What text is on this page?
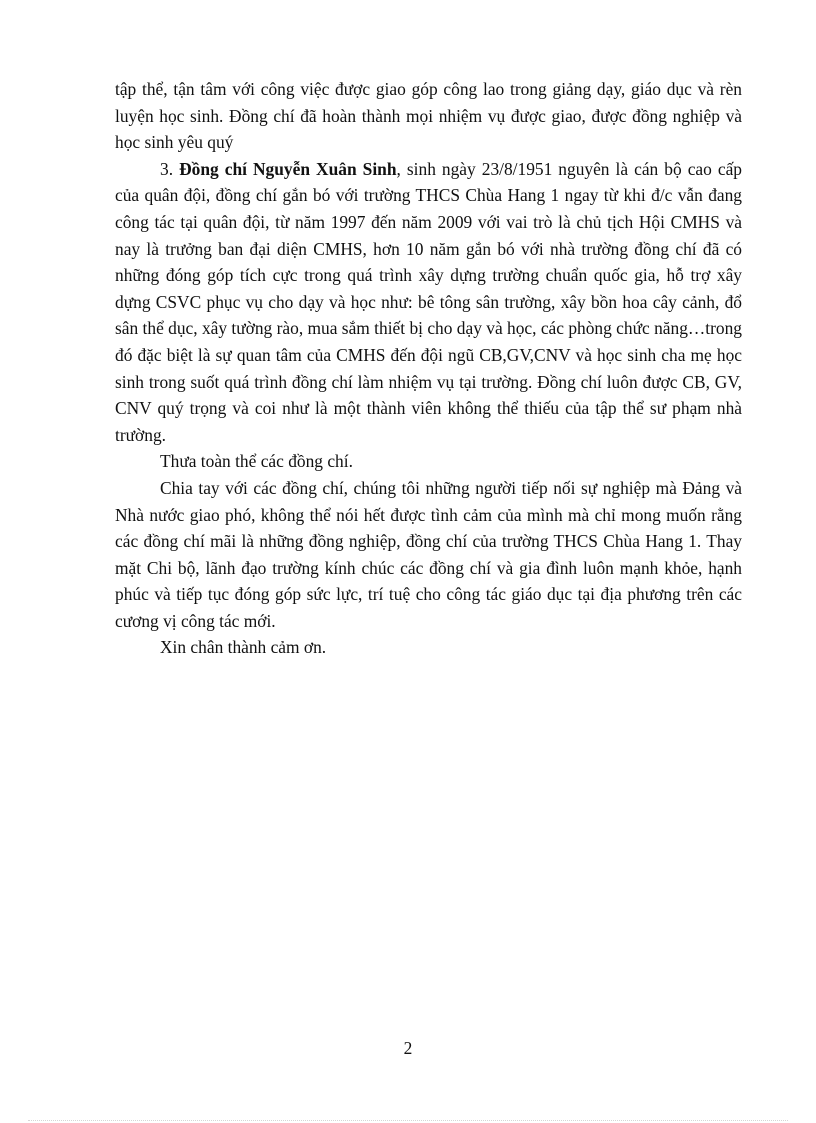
tập thể, tận tâm với công việc được giao góp công lao trong giảng dạy, giáo dục và rèn luyện học sinh. Đồng chí đã hoàn thành mọi nhiệm vụ được giao, được đồng nghiệp và học sinh yêu quý

3. Đồng chí Nguyễn Xuân Sinh, sinh ngày 23/8/1951 nguyên là cán bộ cao cấp của quân đội, đồng chí gắn bó với trường THCS Chùa Hang 1 ngay từ khi đ/c vẫn đang công tác tại quân đội, từ năm 1997 đến năm 2009 với vai trò là chủ tịch Hội CMHS và nay là trưởng ban đại diện CMHS, hơn 10 năm gắn bó với nhà trường đồng chí đã có những đóng góp tích cực trong quá trình xây dựng trường chuẩn quốc gia, hỗ trợ xây dựng CSVC phục vụ cho dạy và học như: bê tông sân trường, xây bồn hoa cây cảnh, đổ sân thể dục, xây tường rào, mua sắm thiết bị cho dạy và học, các phòng chức năng…trong đó đặc biệt là sự quan tâm của CMHS đến đội ngũ CB,GV,CNV và học sinh cha mẹ học sinh trong suốt quá trình đồng chí làm nhiệm vụ tại trường. Đồng chí luôn được CB, GV, CNV quý trọng và coi như là một thành viên không thể thiếu của tập thể sư phạm nhà trường.

Thưa toàn thể các đồng chí.

Chia tay với các đồng chí, chúng tôi những người tiếp nối sự nghiệp mà Đảng và Nhà nước giao phó, không thể nói hết được tình cảm của mình mà chỉ mong muốn rằng các đồng chí mãi là những đồng nghiệp, đồng chí của trường THCS Chùa Hang 1. Thay mặt Chi bộ, lãnh đạo trường kính chúc các đồng chí và gia đình luôn mạnh khỏe, hạnh phúc và tiếp tục đóng góp sức lực, trí tuệ cho công tác giáo dục tại địa phương trên các cương vị công tác mới.

Xin chân thành cảm ơn.

2
